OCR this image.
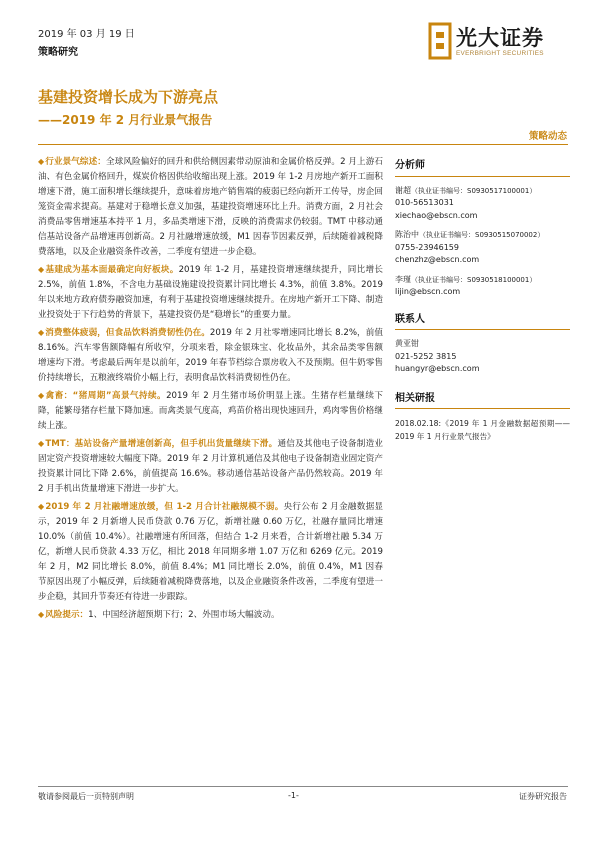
2019 年 03 月 19 日
策略研究
光大证券
EVERBRIGHT SECURITIES
基建投资增长成为下游亮点
——2019 年 2 月行业景气报告
策略动态

◆行业景气综述：全球风险偏好的回升和供给侧因素带动原油和金属价格反弹。2 月上游石油、有色金属价格回升，煤炭价格因供给收缩出现上涨。2019 年 1-2 月房地产新开工面积增速下滑，施工面积增长继续提升，意味着房地产销售端的疲弱已经向新开工传导，房企回笼资金需求提高。基建对于稳增长意义加强，基建投资增速环比上升。消费方面，2 月社会消费品零售增速基本持平 1 月，多品类增速下滑，反映的消费需求仍较弱。TMT 中移动通信基站设备产品增速再创新高。2 月社融增速放缓，M1 因春节因素反弹，后续随着减税降费落地，以及企业融资条件改善，二季度有望进一步企稳。

◆基建成为基本面最确定向好板块。2019 年 1-2 月，基建投资增速继续提升，同比增长 2.5%，前值 1.8%，不含电力基础设施建设投资累计同比增长 4.3%，前值 3.8%。2019 年以来地方政府债券融资加速，有利于基建投资增速继续提升。在房地产新开工下降、制造业投资处于下行趋势的背景下，基建投资仍是“稳增长”的重要力量。

◆消费整体疲弱，但食品饮料消费韧性仍在。2019 年 2 月社零增速同比增长 8.2%，前值 8.16%。汽车零售额降幅有所收窄，分项来看，除金银珠宝、化妆品外，其余品类零售额增速均下滑。考虑最后两年是以前年，2019 年春节档综合票房收入不及预期。但牛奶零售价持续增长，五粮液终端价小幅上行，表明食品饮料消费韧性仍在。

◆禽畜：“猪周期”高景气持续。2019 年 2 月生猪市场价明显上涨。生猪存栏量继续下降，能繁母猪存栏量下降加速。而禽类景气度高，鸡苗价格出现快速回升，鸡肉零售价格继续上涨。

◆TMT：基站设备产量增速创新高，但手机出货量继续下滑。通信及其他电子设备制造业固定资产投资增速较大幅度下降。2019 年 2 月计算机通信及其他电子设备制造业固定资产投资累计同比下降 2.6%，前值提高 16.6%。移动通信基站设备产品仍然较高。2019 年 2 月手机出货量增速下滑进一步扩大。

◆2019 年 2 月社融增速放缓，但 1-2 月合计社融规模不弱。央行公布 2 月金融数据显示，2019 年 2 月新增人民币贷款 0.76 万亿，新增社融 0.60 万亿，社融存量同比增速 10.0%（前值 10.4%）。社融增速有所回落，但结合 1-2 月来看，合计新增社融 5.34 万亿，新增人民币贷款 4.33 万亿，相比 2018 年同期多增 1.07 万亿和 6269 亿元。2019 年 2 月，M2 同比增长 8.0%，前值 8.4%；M1 同比增长 2.0%，前值 0.4%，M1 因春节原因出现了小幅反弹，后续随着减税降费落地，以及企业融资条件改善，二季度有望进一步企稳，其回升节奏还有待进一步跟踪。

◆风险提示：1、中国经济超预期下行；2、外围市场大幅波动。

分析师
谢超（执业证书编号：S0930517100001）
010-56513031
xiechao@ebscn.com
陈治中（执业证书编号：S0930515070002）
0755-23946159
chenzhz@ebscn.com
李瑾（执业证书编号：S0930518100001）
lijin@ebscn.com
联系人
黄亚钳
021-5252 3815
huangyr@ebscn.com
相关研报
2018.02.18:《2019 年 1 月金融数据超预期——2019 年 1 月行业景气报告》
敬请参阅最后一页特别声明	-1-	证券研究报告
